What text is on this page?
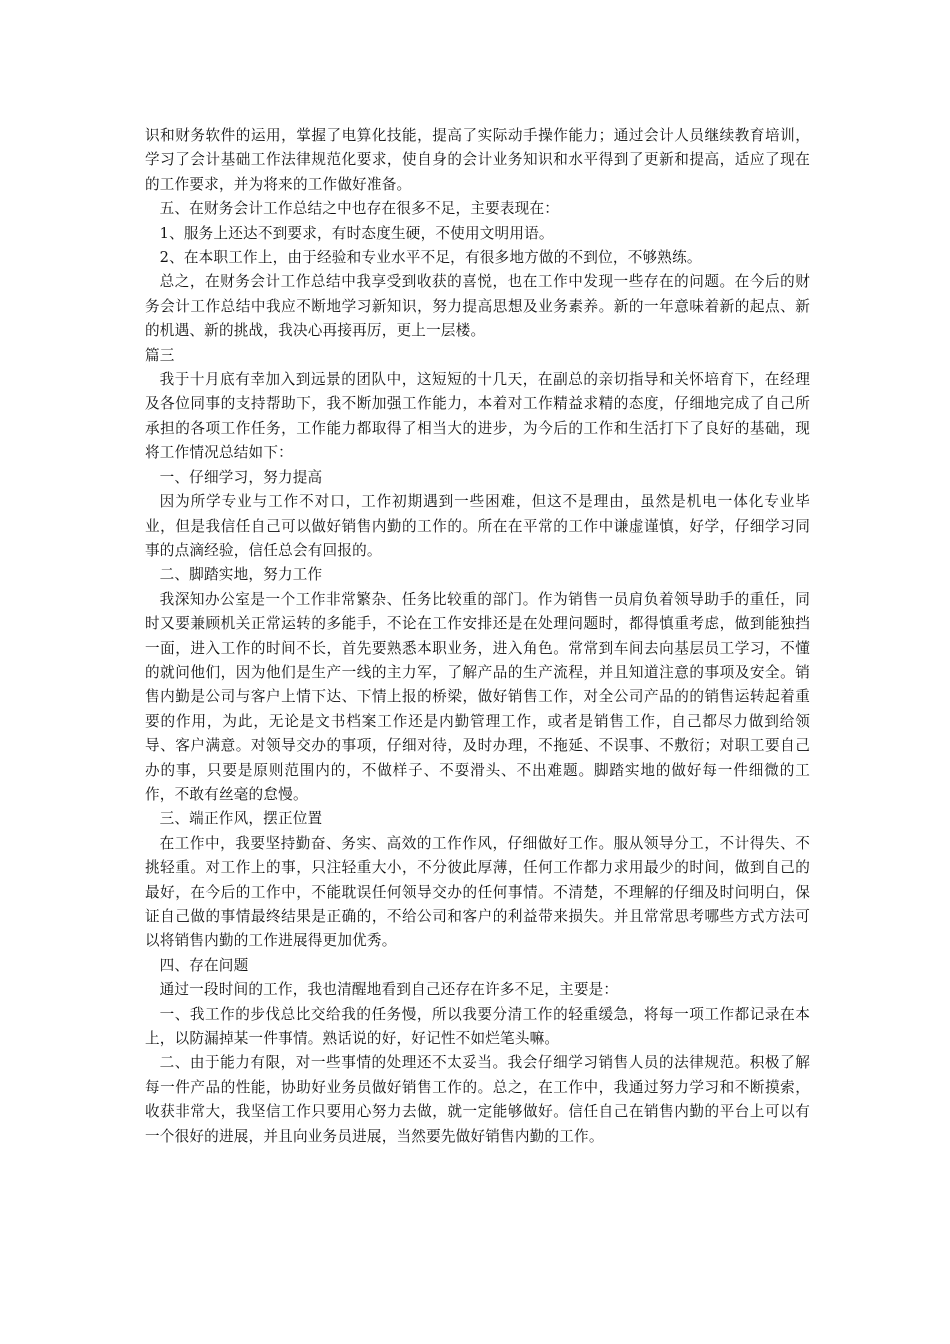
识和财务软件的运用，掌握了电算化技能，提高了实际动手操作能力；通过会计人员继续教育培训，学习了会计基础工作法律规范化要求，使自身的会计业务知识和水平得到了更新和提高，适应了现在的工作要求，并为将来的工作做好准备。

五、在财务会计工作总结之中也存在很多不足，主要表现在：

1、服务上还达不到要求，有时态度生硬，不使用文明用语。

2、在本职工作上，由于经验和专业水平不足，有很多地方做的不到位，不够熟练。

总之，在财务会计工作总结中我享受到收获的喜悦，也在工作中发现一些存在的问题。在今后的财务会计工作总结中我应不断地学习新知识，努力提高思想及业务素养。新的一年意味着新的起点、新的机遇、新的挑战，我决心再接再厉，更上一层楼。

篇三

我于十月底有幸加入到远景的团队中，这短短的十几天，在副总的亲切指导和关怀培育下，在经理及各位同事的支持帮助下，我不断加强工作能力，本着对工作精益求精的态度，仔细地完成了自己所承担的各项工作任务，工作能力都取得了相当大的进步，为今后的工作和生活打下了良好的基础，现将工作情况总结如下：

一、仔细学习，努力提高

因为所学专业与工作不对口，工作初期遇到一些困难，但这不是理由，虽然是机电一体化专业毕业，但是我信任自己可以做好销售内勤的工作的。所在在平常的工作中谦虚谨慎，好学，仔细学习同事的点滴经验，信任总会有回报的。

二、脚踏实地，努力工作

我深知办公室是一个工作非常繁杂、任务比较重的部门。作为销售一员肩负着领导助手的重任，同时又要兼顾机关正常运转的多能手，不论在工作安排还是在处理问题时，都得慎重考虑，做到能独挡一面，进入工作的时间不长，首先要熟悉本职业务，进入角色。常常到车间去向基层员工学习，不懂的就问他们，因为他们是生产一线的主力军，了解产品的生产流程，并且知道注意的事项及安全。销售内勤是公司与客户上情下达、下情上报的桥梁，做好销售工作，对全公司产品的的销售运转起着重要的作用，为此，无论是文书档案工作还是内勤管理工作，或者是销售工作，自己都尽力做到给领导、客户满意。对领导交办的事项，仔细对待，及时办理，不拖延、不误事、不敷衍；对职工要自己办的事，只要是原则范围内的，不做样子、不耍滑头、不出难题。脚踏实地的做好每一件细微的工作，不敢有丝毫的怠慢。

三、端正作风，摆正位置

在工作中，我要坚持勤奋、务实、高效的工作作风，仔细做好工作。服从领导分工，不计得失、不挑轻重。对工作上的事，只注轻重大小，不分彼此厚薄，任何工作都力求用最少的时间，做到自己的最好，在今后的工作中，不能耽误任何领导交办的任何事情。不清楚，不理解的仔细及时问明白，保证自己做的事情最终结果是正确的，不给公司和客户的利益带来损失。并且常常思考哪些方式方法可以将销售内勤的工作进展得更加优秀。

四、存在问题

通过一段时间的工作，我也清醒地看到自己还存在许多不足，主要是：

一、我工作的步伐总比交给我的任务慢，所以我要分清工作的轻重缓急，将每一项工作都记录在本上，以防漏掉某一件事情。熟话说的好，好记性不如烂笔头嘛。

二、由于能力有限，对一些事情的处理还不太妥当。我会仔细学习销售人员的法律规范。积极了解每一件产品的性能，协助好业务员做好销售工作的。总之，在工作中，我通过努力学习和不断摸索，收获非常大，我坚信工作只要用心努力去做，就一定能够做好。信任自己在销售内勤的平台上可以有一个很好的进展，并且向业务员进展，当然要先做好销售内勤的工作。
